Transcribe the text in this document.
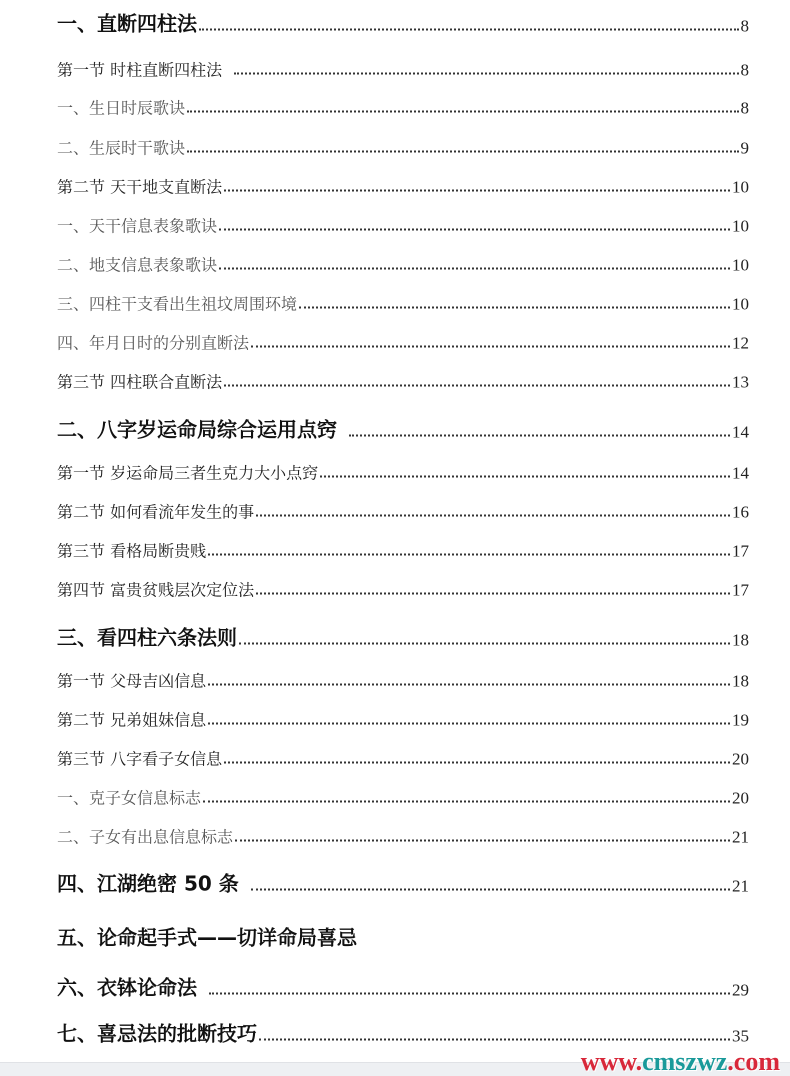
一、直断四柱法	8
第一节 时柱直断四柱法	8
一、生日时辰歌诀	8
二、生辰时干歌诀	9
第二节 天干地支直断法	10
一、天干信息表象歌诀	10
二、地支信息表象歌诀	10
三、四柱干支看出生祖坟周围环境	10
四、年月日时的分别直断法	12
第三节 四柱联合直断法	13
二、八字岁运命局综合运用点窍	14
第一节 岁运命局三者生克力大小点窍	14
第二节 如何看流年发生的事	16
第三节 看格局断贵贱	17
第四节 富贵贫贱层次定位法	17
三、看四柱六条法则	18
第一节 父母吉凶信息	18
第二节 兄弟姐妹信息	19
第三节 八字看子女信息	20
一、克子女信息标志	20
二、子女有出息信息标志	21
四、江湖绝密 50 条	21
五、论命起手式——切详命局喜忌
六、衣钵论命法	29
七、喜忌法的批断技巧	35
www.cmszwz.com
